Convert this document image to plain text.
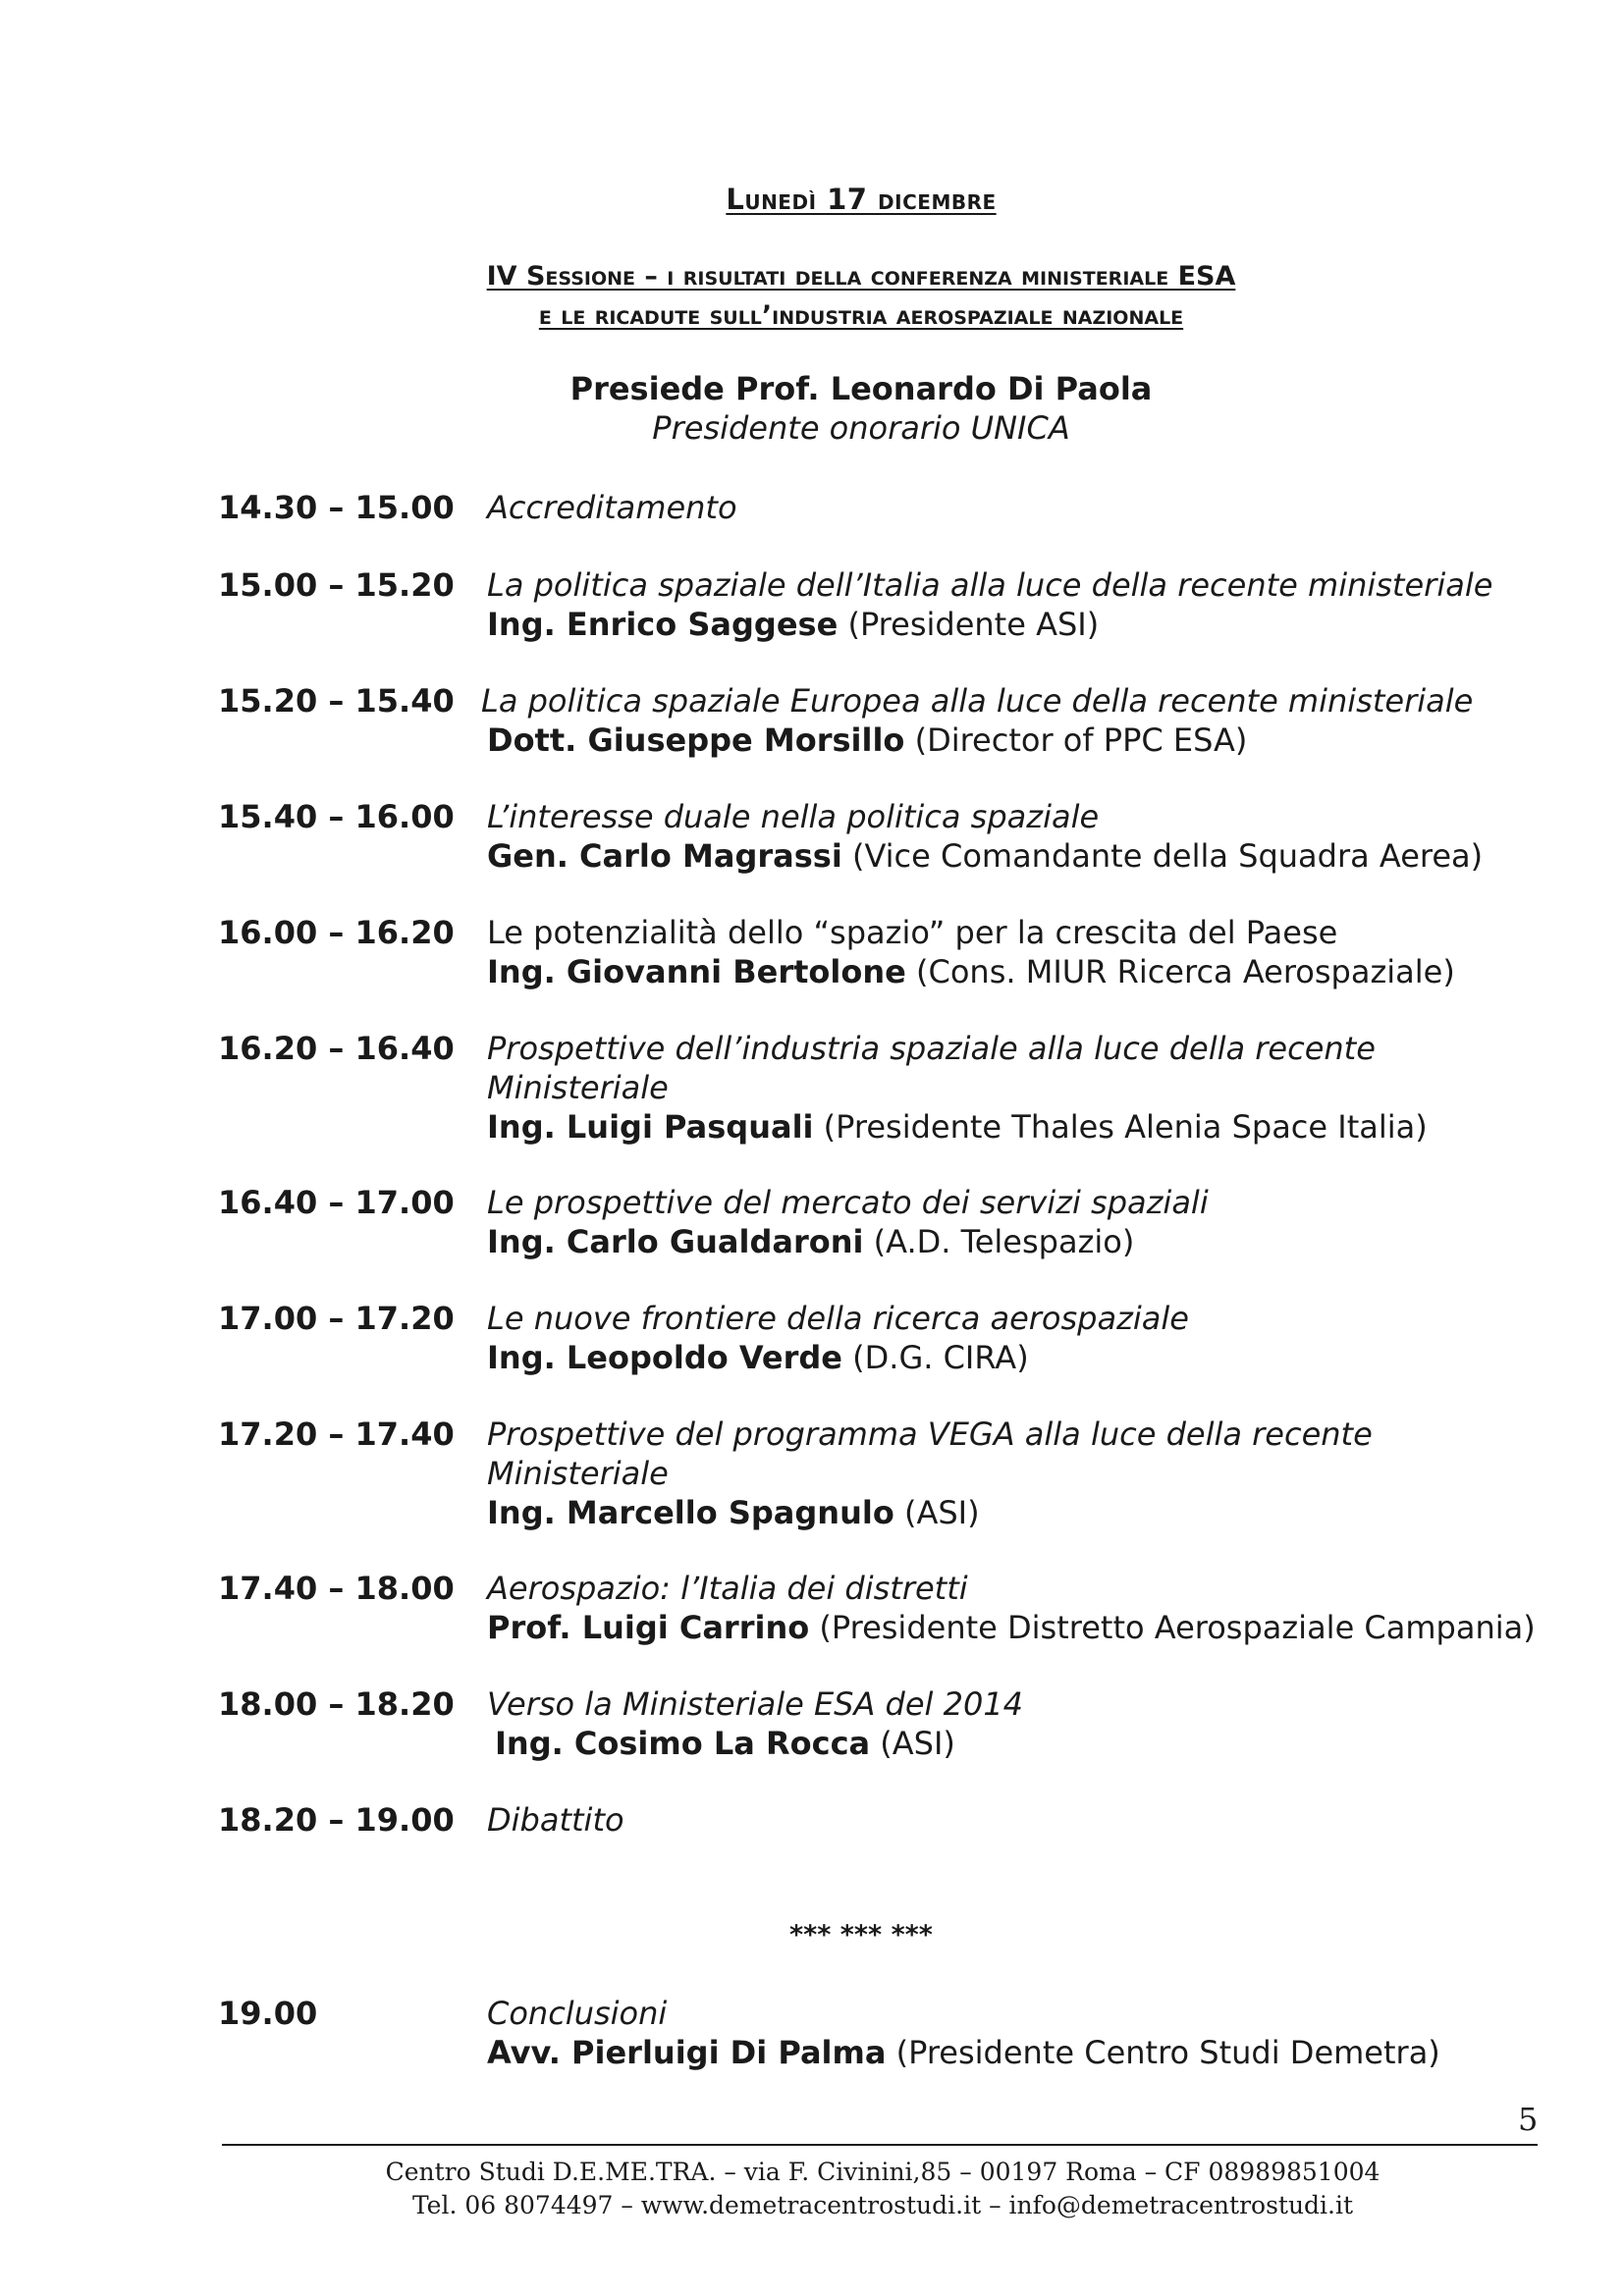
Lunedì 17 dicembre
IV Sessione – i risultati della conferenza ministeriale ESA
e le ricadute sull’industria aerospaziale nazionale
Presiede Prof. Leonardo Di Paola
Presidente onorario UNICA
14.30 – 15.00 Accreditamento
15.00 – 15.20 La politica spaziale dell’Italia alla luce della recente ministeriale
Ing. Enrico Saggese (Presidente ASI)
15.20 – 15.40 La politica spaziale Europea alla luce della recente ministeriale
Dott. Giuseppe Morsillo (Director of PPC ESA)
15.40 – 16.00 L’interesse duale nella politica spaziale
Gen. Carlo Magrassi (Vice Comandante della Squadra Aerea)
16.00 – 16.20 Le potenzialità dello “spazio” per la crescita del Paese
Ing. Giovanni Bertolone (Cons. MIUR Ricerca Aerospaziale)
16.20 – 16.40 Prospettive dell’industria spaziale alla luce della recente
Ministeriale
Ing. Luigi Pasquali (Presidente Thales Alenia Space Italia)
16.40 – 17.00 Le prospettive del mercato dei servizi spaziali
Ing. Carlo Gualdaroni (A.D. Telespazio)
17.00 – 17.20 Le nuove frontiere della ricerca aerospaziale
Ing. Leopoldo Verde (D.G. CIRA)
17.20 – 17.40 Prospettive del programma VEGA alla luce della recente
Ministeriale
Ing. Marcello Spagnulo (ASI)
17.40 – 18.00 Aerospazio: l’Italia dei distretti
Prof. Luigi Carrino (Presidente Distretto Aerospaziale Campania)
18.00 – 18.20 Verso la Ministeriale ESA del 2014
Ing. Cosimo La Rocca (ASI)
18.20 – 19.00 Dibattito
*** *** ***
19.00	Conclusioni
Avv. Pierluigi Di Palma (Presidente Centro Studi Demetra)
5
Centro Studi D.E.ME.TRA. – via F. Civinini,85 – 00197 Roma – CF 08989851004
Tel. 06 8074497 – www.demetracentrostudi.it – info@demetracentrostudi.it
